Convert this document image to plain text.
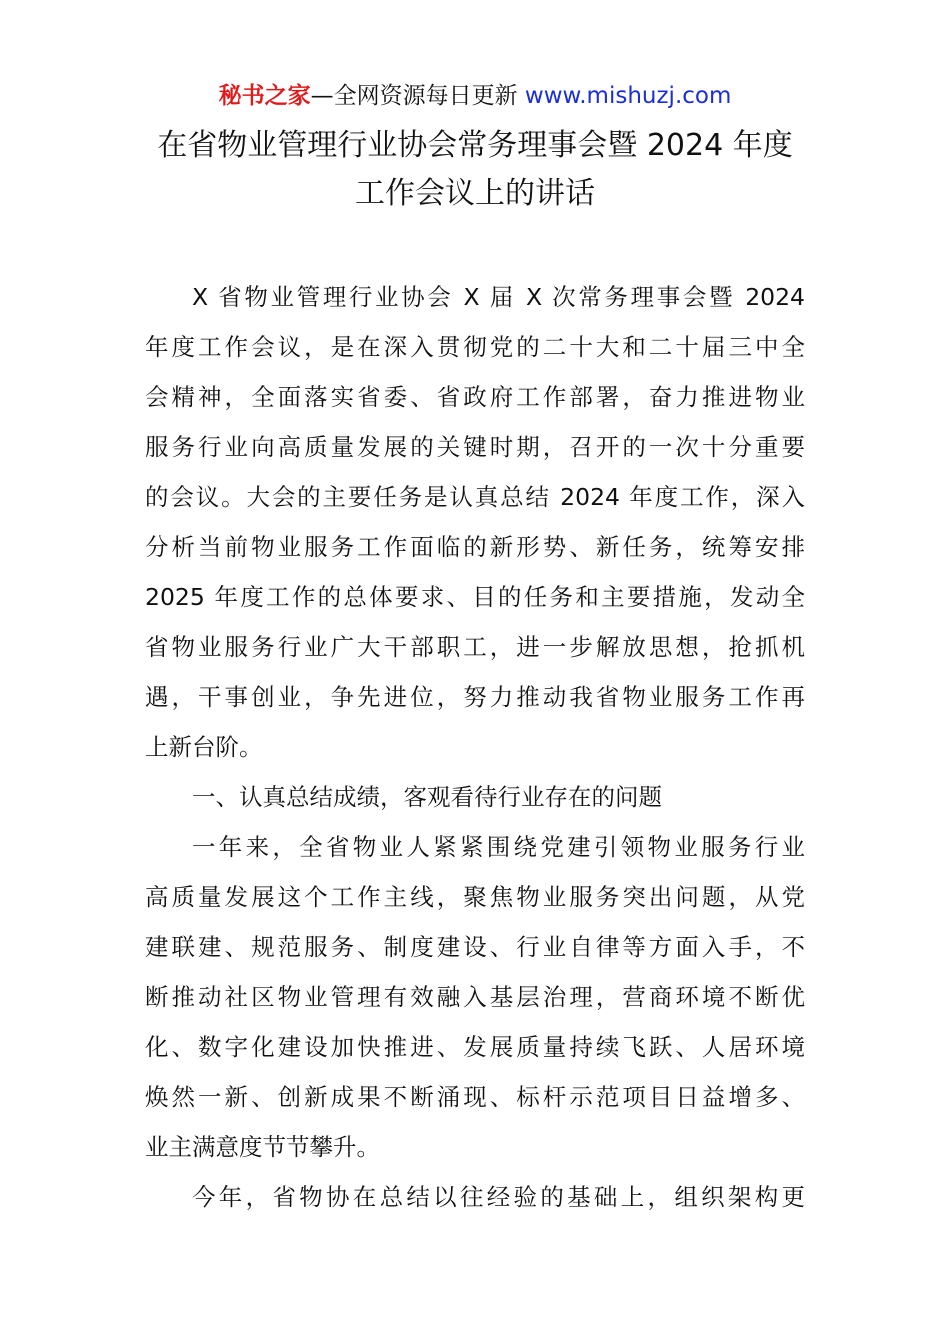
秘书之家—全网资源每日更新 www.mishuzj.com
在省物业管理行业协会常务理事会暨 2024 年度
工作会议上的讲话
X 省物业管理行业协会 X 届 X 次常务理事会暨 2024
年度工作会议，是在深入贯彻党的二十大和二十届三中全
会精神，全面落实省委、省政府工作部署，奋力推进物业
服务行业向高质量发展的关键时期，召开的一次十分重要
的会议。大会的主要任务是认真总结 2024 年度工作，深入
分析当前物业服务工作面临的新形势、新任务，统筹安排
2025 年度工作的总体要求、目的任务和主要措施，发动全
省物业服务行业广大干部职工，进一步解放思想，抢抓机
遇，干事创业，争先进位，努力推动我省物业服务工作再
上新台阶。
一、认真总结成绩，客观看待行业存在的问题
一年来，全省物业人紧紧围绕党建引领物业服务行业
高质量发展这个工作主线，聚焦物业服务突出问题，从党
建联建、规范服务、制度建设、行业自律等方面入手，不
断推动社区物业管理有效融入基层治理，营商环境不断优
化、数字化建设加快推进、发展质量持续飞跃、人居环境
焕然一新、创新成果不断涌现、标杆示范项目日益增多、
业主满意度节节攀升。
今年，省物协在总结以往经验的基础上，组织架构更
